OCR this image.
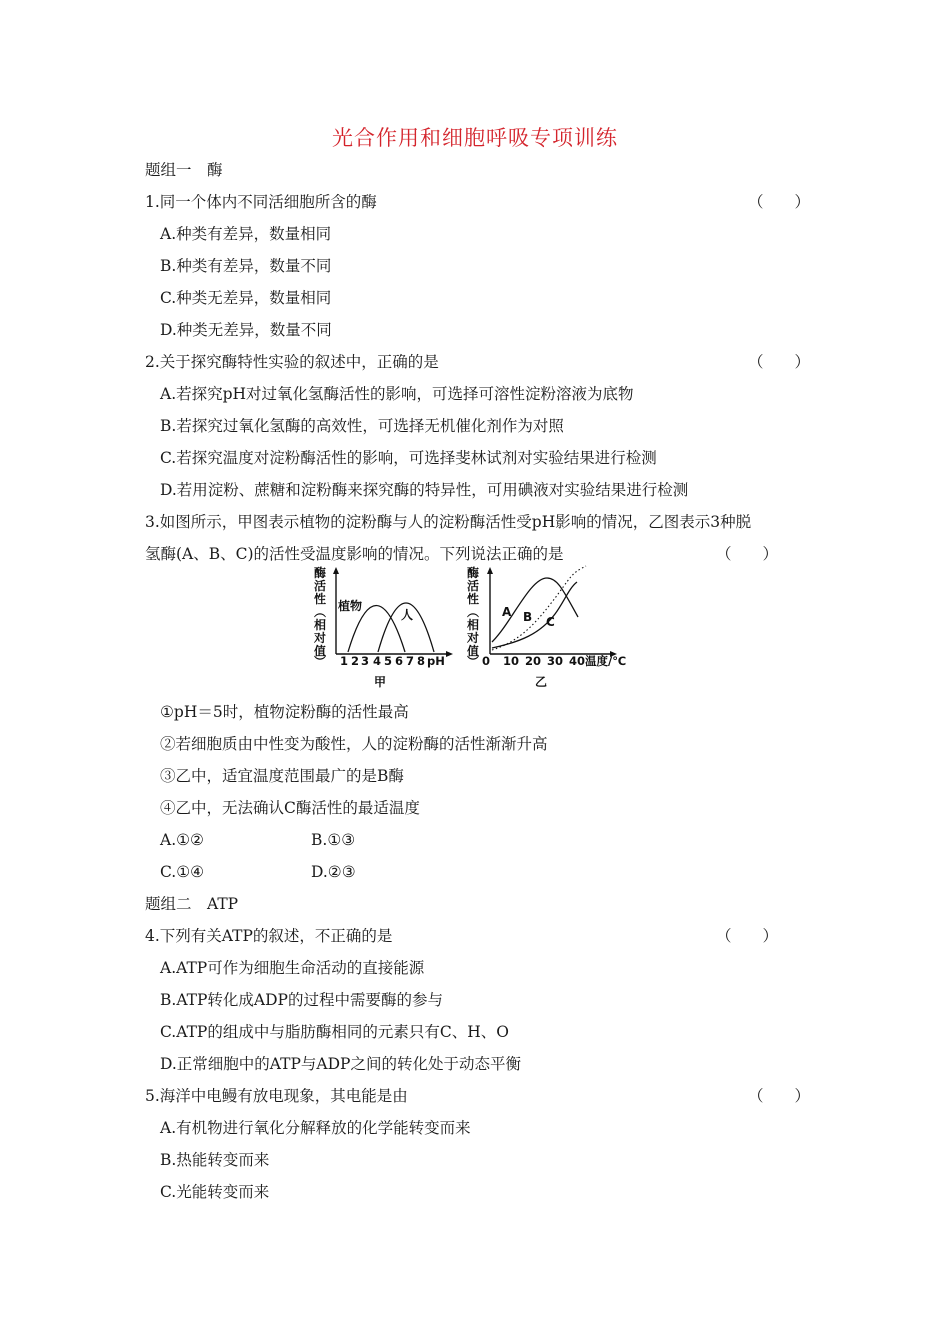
光合作用和细胞呼吸专项训练
题组一　酶
1.同一个体内不同活细胞所含的酶	（　　）
A.种类有差异，数量相同
B.种类有差异，数量不同
C.种类无差异，数量相同
D.种类无差异，数量不同
2.关于探究酶特性实验的叙述中，正确的是	（　　）
A.若探究pH对过氧化氢酶活性的影响，可选择可溶性淀粉溶液为底物
B.若探究过氧化氢酶的高效性，可选择无机催化剂作为对照
C.若探究温度对淀粉酶活性的影响，可选择斐林试剂对实验结果进行检测
D.若用淀粉、蔗糖和淀粉酶来探究酶的特异性，可用碘液对实验结果进行检测
3.如图所示，甲图表示植物的淀粉酶与人的淀粉酶活性受pH影响的情况，乙图表示3种脱
氢酶(A、B、C)的活性受温度影响的情况。下列说法正确的是	（　　）
酶
活
性
︵
相
对
值
︶
植物
人
1 2 3 4 5 6 7 8 pH
甲
酶
活
性
︵
相
对
值
︶
A B C
0 10 20 30 40 温度/℃
乙
①pH＝5时，植物淀粉酶的活性最高
②若细胞质由中性变为酸性，人的淀粉酶的活性渐渐升高
③乙中，适宜温度范围最广的是B酶
④乙中，无法确认C酶活性的最适温度
A.①②	B.①③
C.①④	D.②③
题组二　ATP
4.下列有关ATP的叙述，不正确的是	（　　）
A.ATP可作为细胞生命活动的直接能源
B.ATP转化成ADP的过程中需要酶的参与
C.ATP的组成中与脂肪酶相同的元素只有C、H、O
D.正常细胞中的ATP与ADP之间的转化处于动态平衡
5.海洋中电鳗有放电现象，其电能是由	（　　）
A.有机物进行氧化分解释放的化学能转变而来
B.热能转变而来
C.光能转变而来
